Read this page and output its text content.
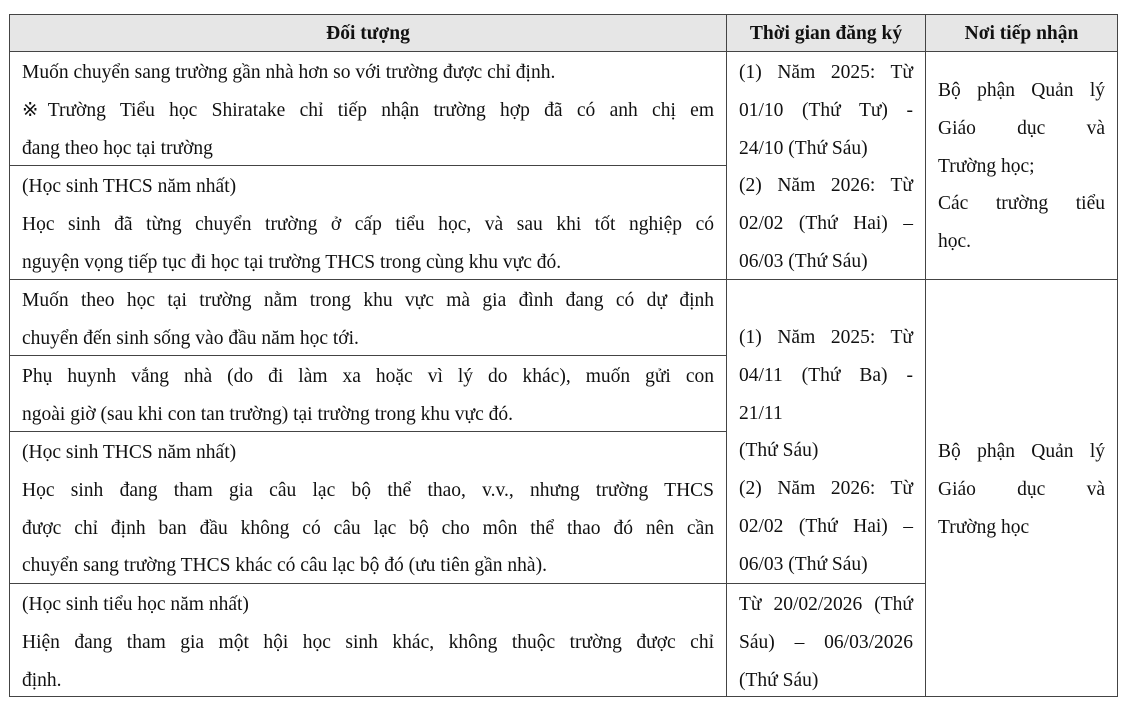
Đối tượng	Thời gian đăng ký	Nơi tiếp nhận
Muốn chuyển sang trường gần nhà hơn so với trường được chỉ định.
※Trường Tiểu học Shiratake chỉ tiếp nhận trường hợp đã có anh chị em
đang theo học tại trường
(Học sinh THCS năm nhất)
Học sinh đã từng chuyển trường ở cấp tiểu học, và sau khi tốt nghiệp có
nguyện vọng tiếp tục đi học tại trường THCS trong cùng khu vực đó.
(1) Năm 2025: Từ
01/10 (Thứ Tư) -
24/10 (Thứ Sáu)
(2) Năm 2026: Từ
02/02 (Thứ Hai) –
06/03 (Thứ Sáu)
Bộ phận Quản lý
Giáo dục và
Trường học;
Các trường tiểu
học.
Muốn theo học tại trường nằm trong khu vực mà gia đình đang có dự định
chuyển đến sinh sống vào đầu năm học tới.
Phụ huynh vắng nhà (do đi làm xa hoặc vì lý do khác), muốn gửi con
ngoài giờ (sau khi con tan trường) tại trường trong khu vực đó.
(Học sinh THCS năm nhất)
Học sinh đang tham gia câu lạc bộ thể thao, v.v., nhưng trường THCS
được chỉ định ban đầu không có câu lạc bộ cho môn thể thao đó nên cần
chuyển sang trường THCS khác có câu lạc bộ đó (ưu tiên gần nhà).
(1) Năm 2025: Từ
04/11 (Thứ Ba) - 21/11
(Thứ Sáu)
(2) Năm 2026: Từ
02/02 (Thứ Hai) –
06/03 (Thứ Sáu)
Bộ phận Quản lý
Giáo dục và
Trường học
(Học sinh tiểu học năm nhất)
Hiện đang tham gia một hội học sinh khác, không thuộc trường được chỉ
định.
Từ 20/02/2026 (Thứ
Sáu) – 06/03/2026
(Thứ Sáu)
